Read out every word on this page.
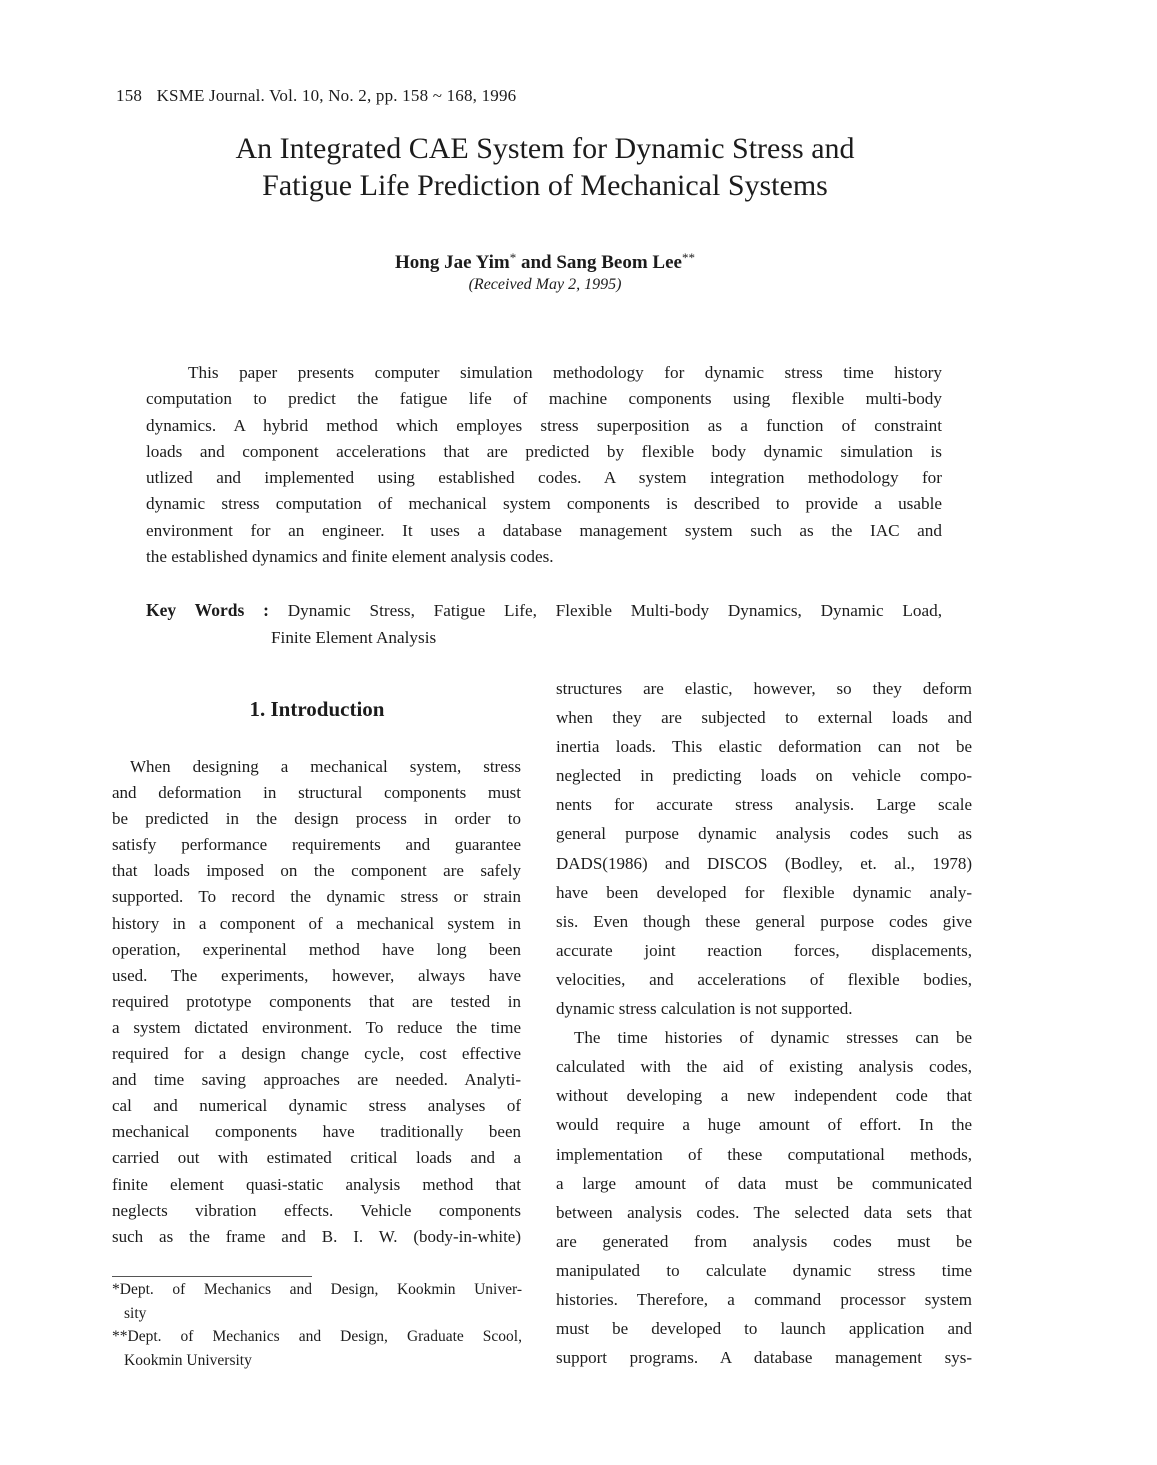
158 KSME Journal. Vol. 10, No. 2, pp. 158 ~ 168, 1996
An Integrated CAE System for Dynamic Stress and
Fatigue Life Prediction of Mechanical Systems
Hong Jae Yim* and Sang Beom Lee**
(Received May 2, 1995)
This paper presents computer simulation methodology for dynamic stress time history
computation to predict the fatigue life of machine components using flexible multi-body
dynamics. A hybrid method which employes stress superposition as a function of constraint
loads and component accelerations that are predicted by flexible body dynamic simulation is
utlized and implemented using established codes. A system integration methodology for
dynamic stress computation of mechanical system components is described to provide a usable
environment for an engineer. It uses a database management system such as the IAC and
the established dynamics and finite element analysis codes.
Key Words : Dynamic Stress, Fatigue Life, Flexible Multi-body Dynamics, Dynamic Load,
Finite Element Analysis
1. Introduction
When designing a mechanical system, stress
and deformation in structural components must
be predicted in the design process in order to
satisfy performance requirements and guarantee
that loads imposed on the component are safely
supported. To record the dynamic stress or strain
history in a component of a mechanical system in
operation, experinental method have long been
used. The experiments, however, always have
required prototype components that are tested in
a system dictated environment. To reduce the time
required for a design change cycle, cost effective
and time saving approaches are needed. Analyti-
cal and numerical dynamic stress analyses of
mechanical components have traditionally been
carried out with estimated critical loads and a
finite element quasi-static analysis method that
neglects vibration effects. Vehicle components
such as the frame and B. I. W. (body-in-white)
*Dept. of Mechanics and Design, Kookmin Univer-
sity
**Dept. of Mechanics and Design, Graduate Scool,
Kookmin University
structures are elastic, however, so they deform
when they are subjected to external loads and
inertia loads. This elastic deformation can not be
neglected in predicting loads on vehicle compo-
nents for accurate stress analysis. Large scale
general purpose dynamic analysis codes such as
DADS(1986) and DISCOS (Bodley, et. al., 1978)
have been developed for flexible dynamic analy-
sis. Even though these general purpose codes give
accurate joint reaction forces, displacements,
velocities, and accelerations of flexible bodies,
dynamic stress calculation is not supported.
The time histories of dynamic stresses can be
calculated with the aid of existing analysis codes,
without developing a new independent code that
would require a huge amount of effort. In the
implementation of these computational methods,
a large amount of data must be communicated
between analysis codes. The selected data sets that
are generated from analysis codes must be
manipulated to calculate dynamic stress time
histories. Therefore, a command processor system
must be developed to launch application and
support programs. A database management sys-
